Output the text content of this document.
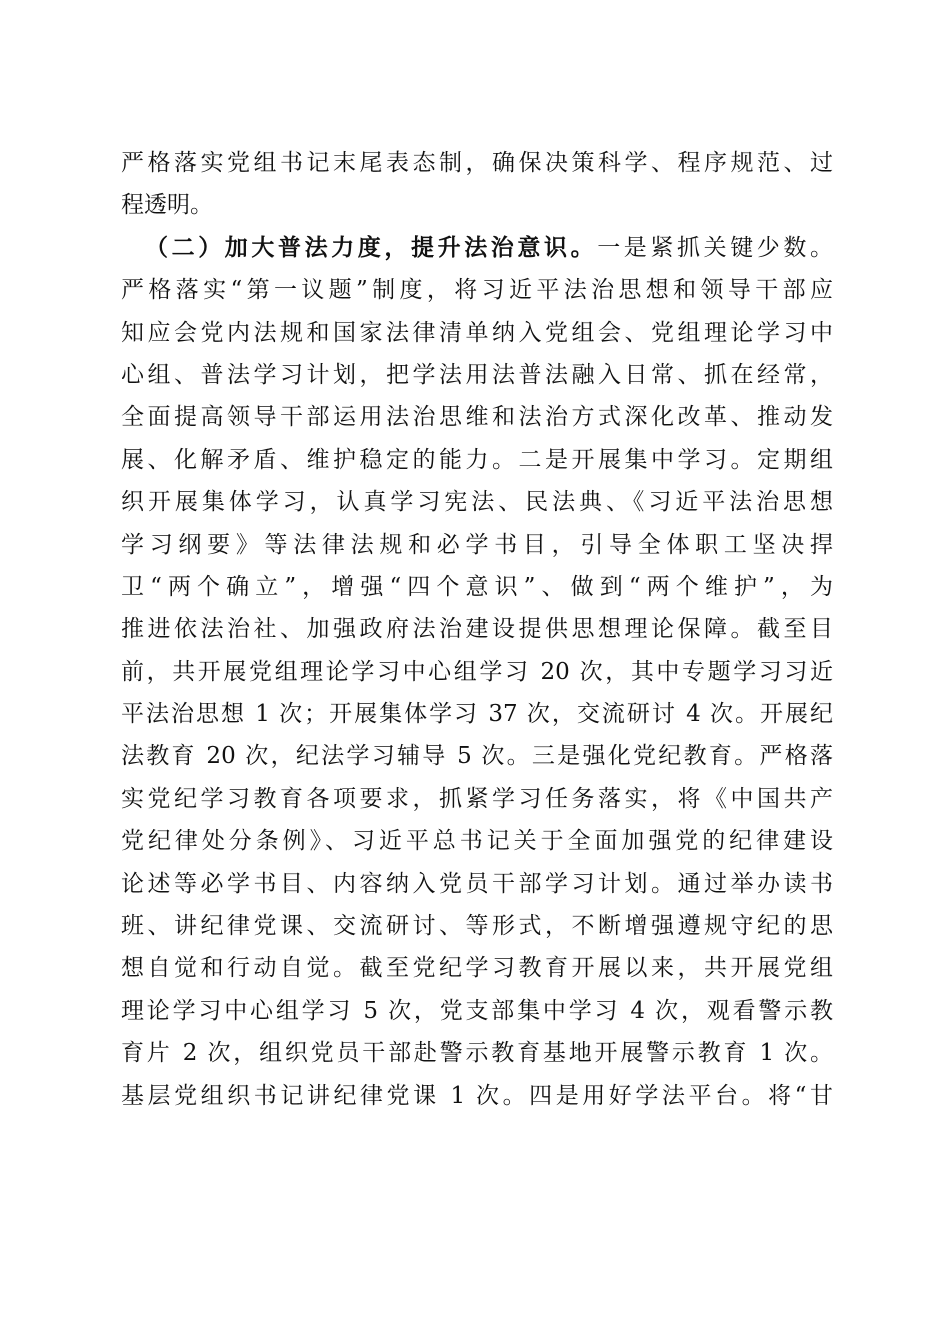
严格落实党组书记末尾表态制，确保决策科学、程序规范、过
程透明。
（二）加大普法力度，提升法治意识。一是紧抓关键少数。
严格落实“第一议题”制度，将习近平法治思想和领导干部应
知应会党内法规和国家法律清单纳入党组会、党组理论学习中
心组、普法学习计划，把学法用法普法融入日常、抓在经常，
全面提高领导干部运用法治思维和法治方式深化改革、推动发
展、化解矛盾、维护稳定的能力。二是开展集中学习。定期组
织开展集体学习，认真学习宪法、民法典、《习近平法治思想
学习纲要》等法律法规和必学书目，引导全体职工坚决捍
卫“两个确立”，增强“四个意识”、做到“两个维护”，为
推进依法治社、加强政府法治建设提供思想理论保障。截至目
前，共开展党组理论学习中心组学习 20 次，其中专题学习习近
平法治思想 1 次；开展集体学习 37 次，交流研讨 4 次。开展纪
法教育 20 次，纪法学习辅导 5 次。三是强化党纪教育。严格落
实党纪学习教育各项要求，抓紧学习任务落实，将《中国共产
党纪律处分条例》、习近平总书记关于全面加强党的纪律建设
论述等必学书目、内容纳入党员干部学习计划。通过举办读书
班、讲纪律党课、交流研讨、等形式，不断增强遵规守纪的思
想自觉和行动自觉。截至党纪学习教育开展以来，共开展党组
理论学习中心组学习 5 次，党支部集中学习 4 次，观看警示教
育片 2 次，组织党员干部赴警示教育基地开展警示教育 1 次。
基层党组织书记讲纪律党课 1 次。四是用好学法平台。将“甘
